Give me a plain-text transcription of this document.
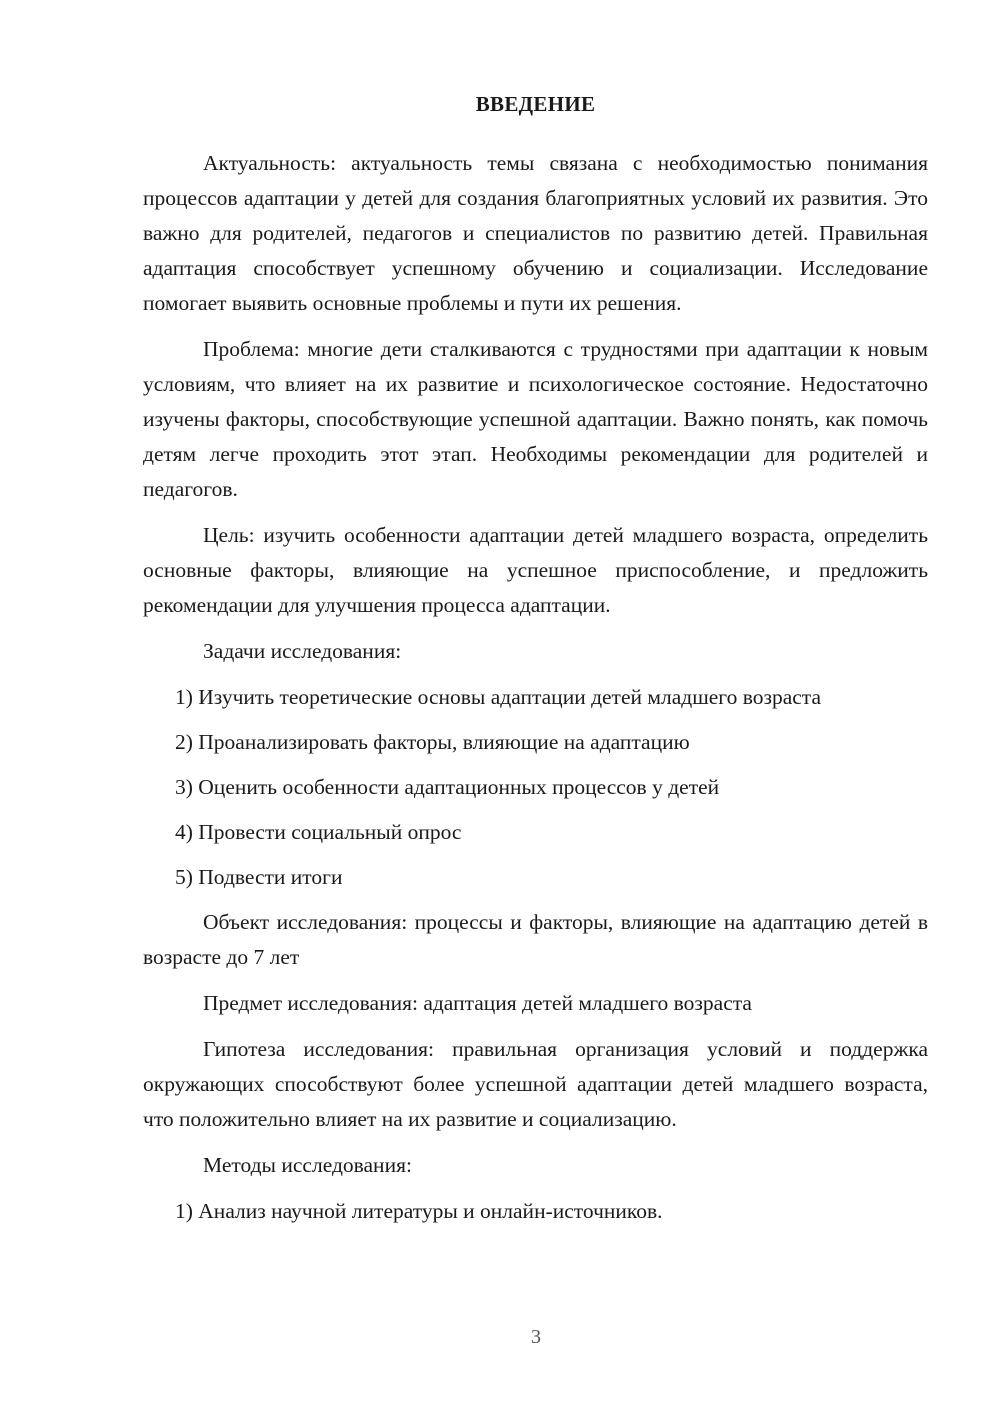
ВВЕДЕНИЕ

Актуальность: актуальность темы связана с необходимостью понимания процессов адаптации у детей для создания благоприятных условий их развития. Это важно для родителей, педагогов и специалистов по развитию детей. Правильная адаптация способствует успешному обучению и социализации. Исследование помогает выявить основные проблемы и пути их решения.

Проблема: многие дети сталкиваются с трудностями при адаптации к новым условиям, что влияет на их развитие и психологическое состояние. Недостаточно изучены факторы, способствующие успешной адаптации. Важно понять, как помочь детям легче проходить этот этап. Необходимы рекомендации для родителей и педагогов.

Цель: изучить особенности адаптации детей младшего возраста, определить основные факторы, влияющие на успешное приспособление, и предложить рекомендации для улучшения процесса адаптации.

Задачи исследования:

1) Изучить теоретические основы адаптации детей младшего возраста
2) Проанализировать факторы, влияющие на адаптацию
3) Оценить особенности адаптационных процессов у детей
4) Провести социальный опрос
5) Подвести итоги

Объект исследования: процессы и факторы, влияющие на адаптацию детей в возрасте до 7 лет

Предмет исследования: адаптация детей младшего возраста

Гипотеза исследования: правильная организация условий и поддержка окружающих способствуют более успешной адаптации детей младшего возраста, что положительно влияет на их развитие и социализацию.

Методы исследования:

1) Анализ научной литературы и онлайн-источников.
3
